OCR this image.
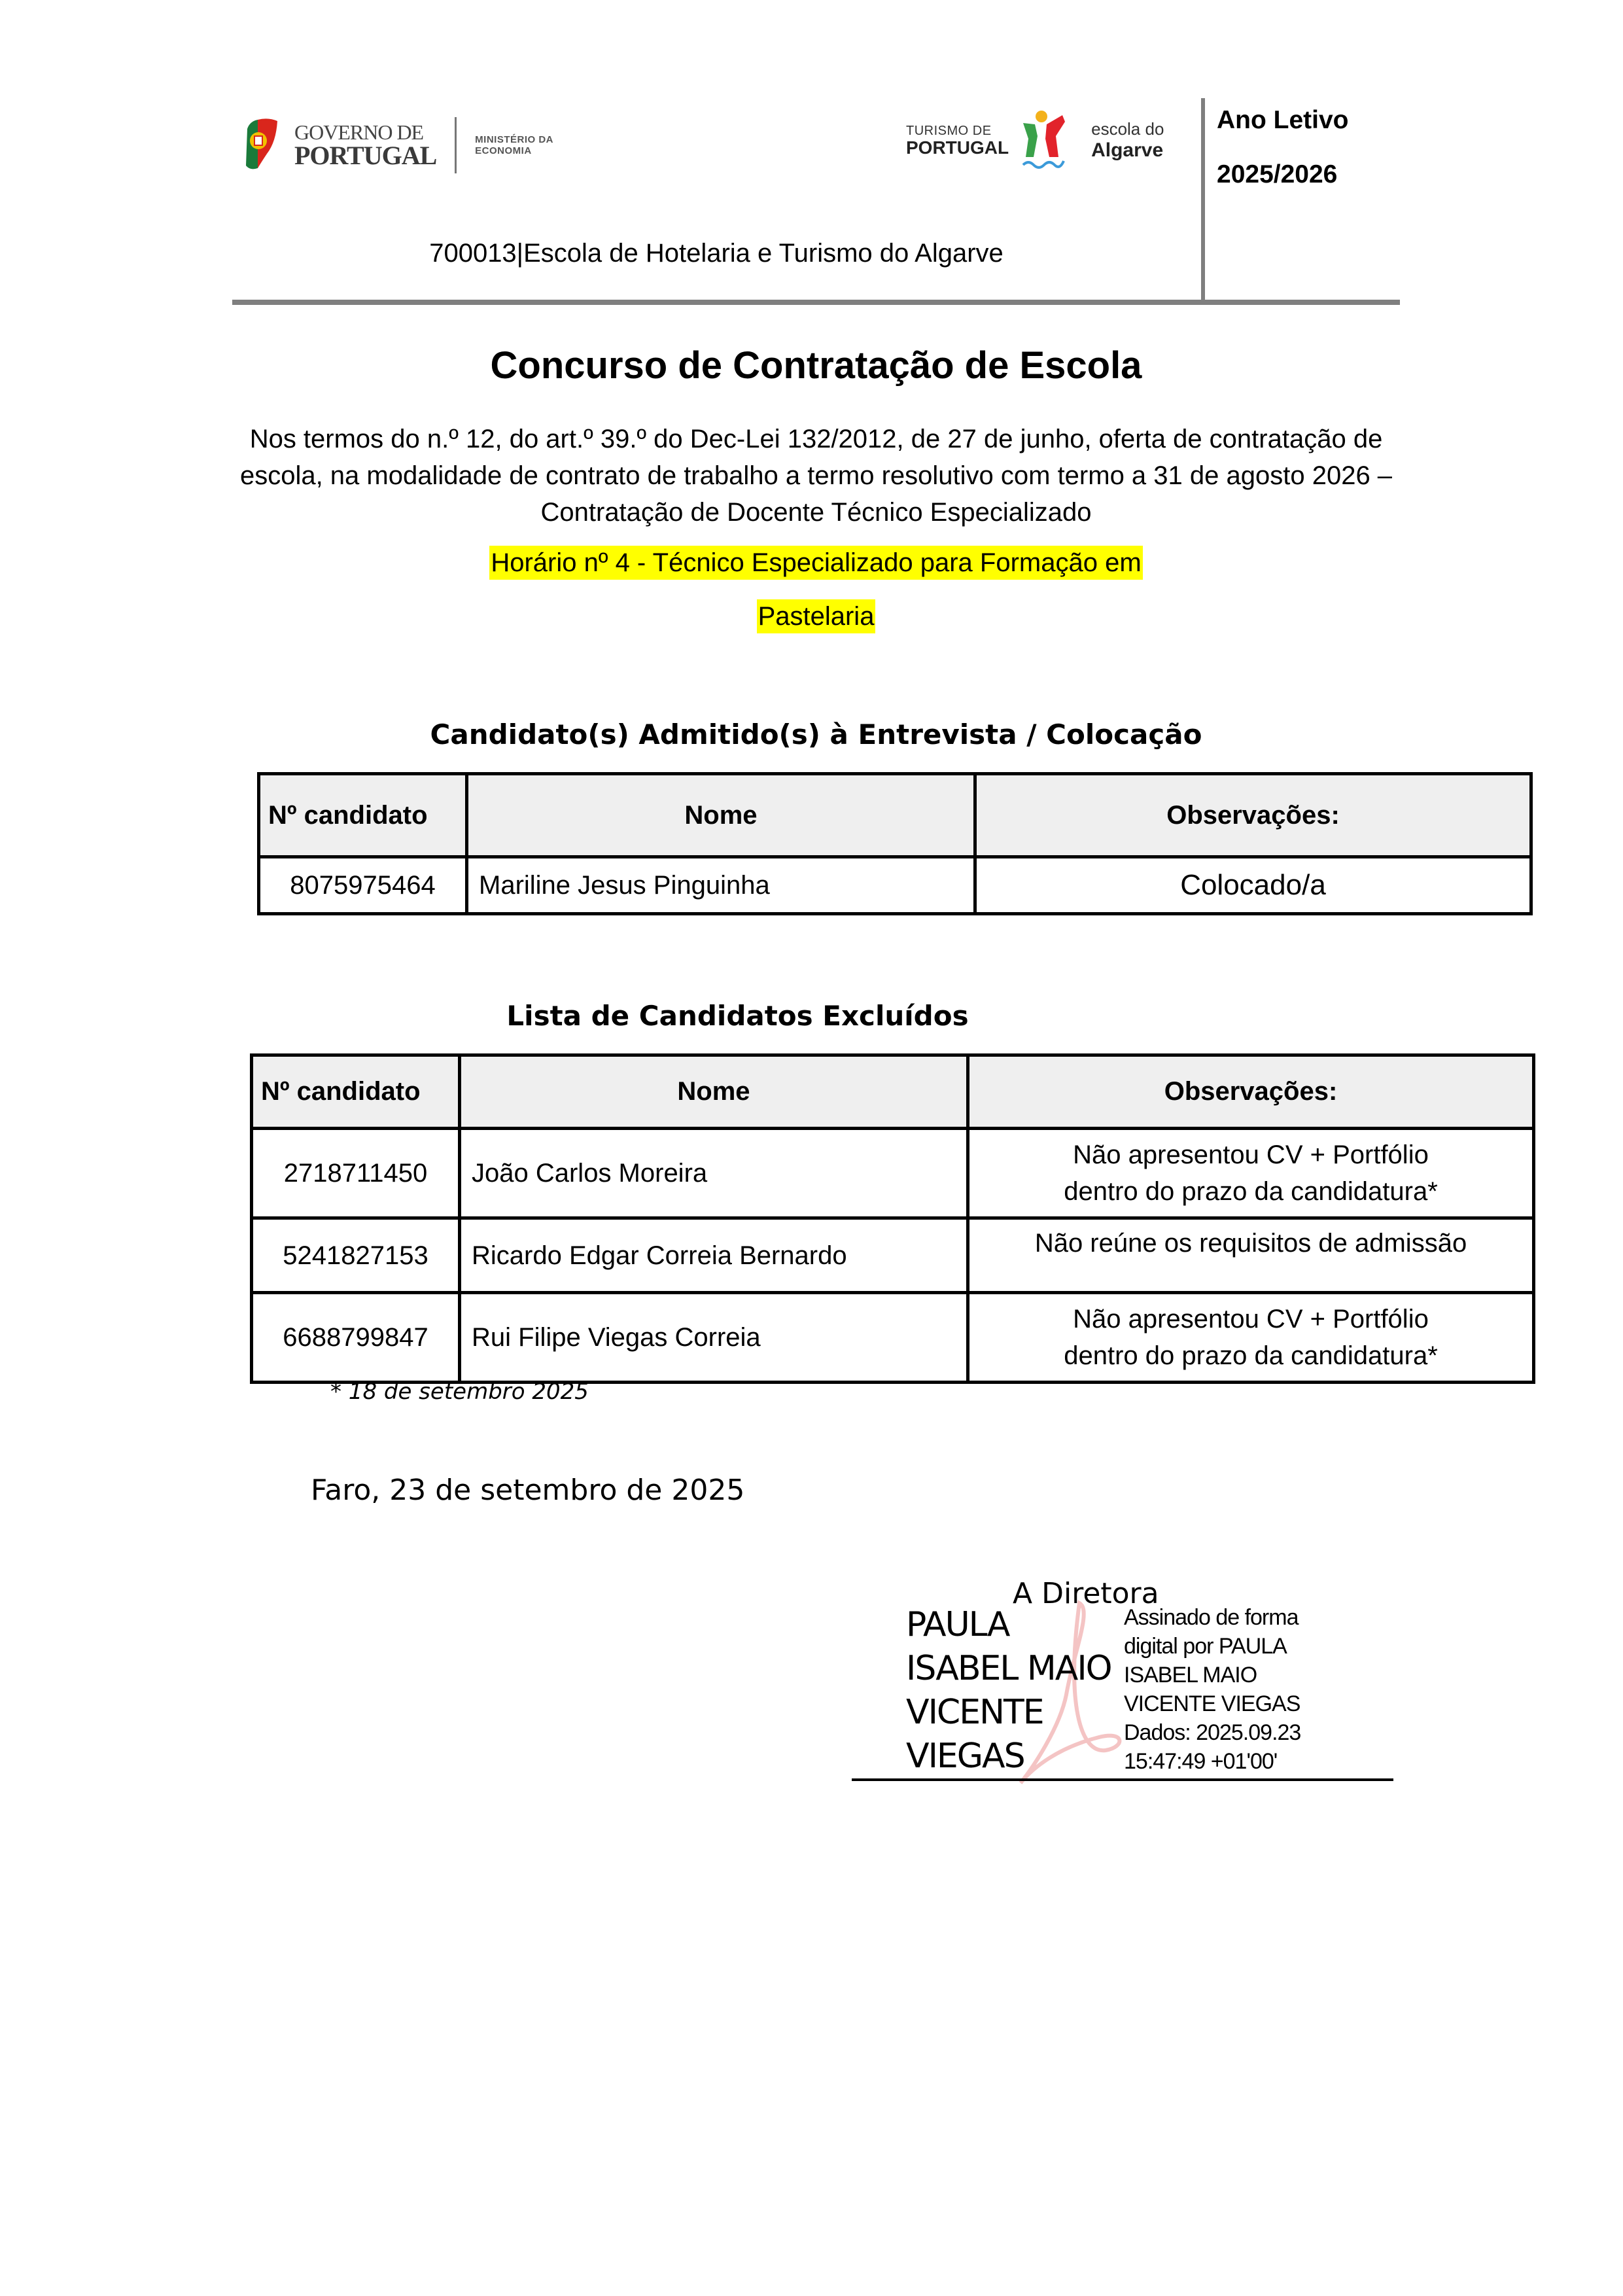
GOVERNO DE
PORTUGAL
MINISTÉRIO DA ECONOMIA
TURISMO DE
PORTUGAL
escola do
Algarve
Ano Letivo
2025/2026
700013|Escola de Hotelaria e Turismo do Algarve
Concurso de Contratação de Escola
Nos termos do n.º 12, do art.º 39.º do Dec-Lei 132/2012, de 27 de junho, oferta de contratação de escola, na modalidade de contrato de trabalho a termo resolutivo com termo a 31 de agosto 2026 – Contratação de Docente Técnico Especializado
Horário nº 4 - Técnico Especializado para Formação em
Pastelaria
Candidato(s) Admitido(s) à Entrevista / Colocação
Nº candidato	Nome	Observações:
8075975464	Mariline Jesus Pinguinha	Colocado/a
Lista de Candidatos Excluídos
Nº candidato	Nome	Observações:
2718711450	João Carlos Moreira	Não apresentou CV + Portfólio
dentro do prazo da candidatura*

5241827153	Ricardo Edgar Correia Bernardo	Não reúne os requisitos de admissão

6688799847	Rui Filipe Viegas Correia	Não apresentou CV + Portfólio
dentro do prazo da candidatura*
* 18 de setembro 2025
Faro, 23 de setembro de 2025
A Diretora
PAULA
ISABEL MAIO
VICENTE
VIEGAS
Assinado de forma
digital por PAULA
ISABEL MAIO
VICENTE VIEGAS
Dados: 2025.09.23
15:47:49 +01'00'
